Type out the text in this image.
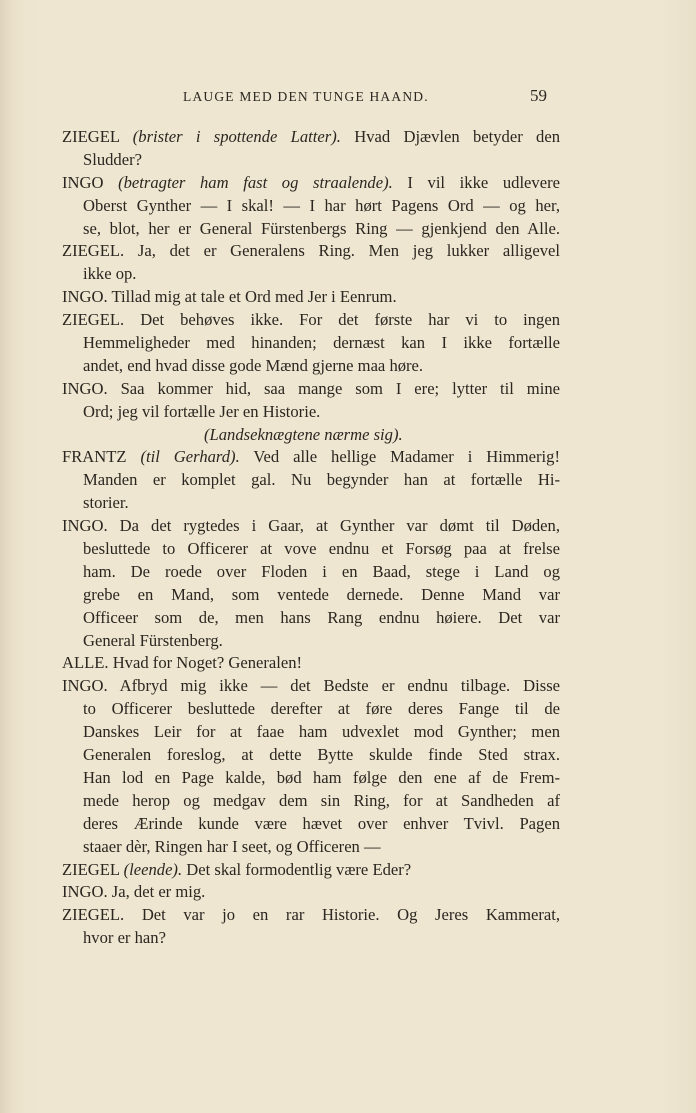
LAUGE MED DEN TUNGE HAAND.	59
ZIEGEL (brister i spottende Latter). Hvad Djævlen betyder den
Sludder?
INGO (betragter ham fast og straalende). I vil ikke udlevere
Oberst Gynther — I skal! — I har hørt Pagens Ord — og her,
se, blot, her er General Fürstenbergs Ring — gjenkjend den Alle.
ZIEGEL. Ja, det er Generalens Ring. Men jeg lukker alligevel
ikke op.
INGO. Tillad mig at tale et Ord med Jer i Eenrum.
ZIEGEL. Det behøves ikke. For det første har vi to ingen
Hemmeligheder med hinanden; dernæst kan I ikke fortælle
andet, end hvad disse gode Mænd gjerne maa høre.
INGO. Saa kommer hid, saa mange som I ere; lytter til mine
Ord; jeg vil fortælle Jer en Historie.
(Landseknægtene nærme sig).
FRANTZ (til Gerhard). Ved alle hellige Madamer i Himmerig!
Manden er komplet gal. Nu begynder han at fortælle Hi-
storier.
INGO. Da det rygtedes i Gaar, at Gynther var dømt til Døden,
besluttede to Officerer at vove endnu et Forsøg paa at frelse
ham. De roede over Floden i en Baad, stege i Land og
grebe en Mand, som ventede dernede. Denne Mand var
Officeer som de, men hans Rang endnu høiere. Det var
General Fürstenberg.
ALLE. Hvad for Noget? Generalen!
INGO. Afbryd mig ikke — det Bedste er endnu tilbage. Disse
to Officerer besluttede derefter at føre deres Fange til de
Danskes Leir for at faae ham udvexlet mod Gynther; men
Generalen foreslog, at dette Bytte skulde finde Sted strax.
Han lod en Page kalde, bød ham følge den ene af de Frem-
mede herop og medgav dem sin Ring, for at Sandheden af
deres Ærinde kunde være hævet over enhver Tvivl. Pagen
staaer dèr, Ringen har I seet, og Officeren —
ZIEGEL (leende). Det skal formodentlig være Eder?
INGO. Ja, det er mig.
ZIEGEL. Det var jo en rar Historie. Og Jeres Kammerat,
hvor er han?
